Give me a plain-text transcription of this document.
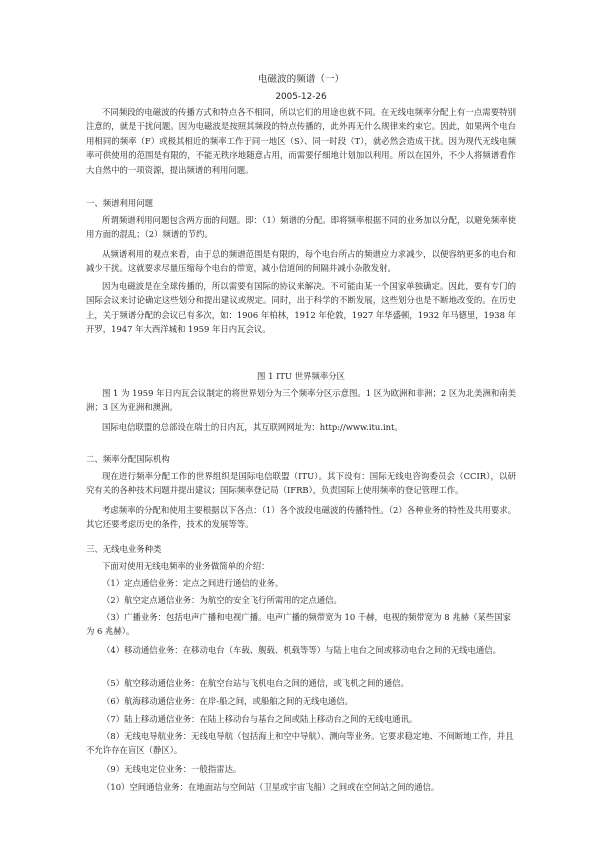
电磁波的频谱（一）

2005-12-26

不同频段的电磁波的传播方式和特点各不相同，所以它们的用途也就不同。在无线电频率分配上有一点需要特别注意的，就是干扰问题。因为电磁波是按照其频段的特点传播的，此外再无什么规律来约束它。因此，如果两个电台用相同的频率（F）或极其相近的频率工作于同一地区（S）、同一时段（T），就必然会造成干扰。因为现代无线电频率可供使用的范围是有限的，不能无秩序地随意占用，而需要仔细地计划加以利用。所以在国外，不少人将频谱看作大自然中的一项资源，提出频谱的利用问题。

一、频谱利用问题

所谓频谱利用问题包含两方面的问题。即：（1）频谱的分配。即将频率根据不同的业务加以分配，以避免频率使用方面的混乱；（2）频谱的节约。

从频谱利用的观点来看，由于总的频谱范围是有限的，每个电台所占的频谱应力求减少，以便容纳更多的电台和减少干扰。这就要求尽量压缩每个电台的带宽，减小信道间的间隔并减小杂散发射。

因为电磁波是在全球传播的，所以需要有国际的协议来解决。不可能由某一个国家单独确定。因此，要有专门的国际会议来讨论确定这些划分和提出建议或规定。同时，出于科学的不断发展，这些划分也是不断地改变的。在历史上，关于频谱分配的会议已有多次，如：1906 年柏林，1912 年伦敦，1927 年华盛顿，1932 年马德里，1938 年开罗，1947 年大西洋城和 1959 年日内瓦会议。

图 1 ITU 世界频率分区

图 1 为 1959 年日内瓦会议制定的将世界划分为三个频率分区示意图。1 区为欧洲和非洲；2 区为北美洲和南美洲；3 区为亚洲和澳洲。

国际电信联盟的总部设在瑞士的日内瓦，其互联网网址为：http://www.itu.int。

二、频率分配国际机构

现在进行频率分配工作的世界组织是国际电信联盟（ITU）。其下设有：国际无线电咨询委员会（CCIR），以研究有关的各种技术问题并提出建议；国际频率登记局（IFRB），负责国际上使用频率的登记管理工作。

考虑频率的分配和使用主要根据以下各点：（1）各个波段电磁波的传播特性。（2）各种业务的特性及共用要求。其它还要考虑历史的条件，技术的发展等等。

三、无线电业务种类

下面对使用无线电频率的业务做简单的介绍：

（1）定点通信业务：定点之间进行通信的业务。

（2）航空定点通信业务：为航空的安全飞行所需用的定点通信。

（3）广播业务：包括电声广播和电视广播。电声广播的频带宽为 10 千赫，电视的频带宽为 8 兆赫（某些国家为 6 兆赫）。

（4）移动通信业务：在移动电台（车载、舰载、机载等等）与陆上电台之间或移动电台之间的无线电通信。

（5）航空移动通信业务：在航空台站与飞机电台之间的通信，或飞机之间的通信。

（6）航海移动通信业务：在岸-船之间，或船舶之间的无线电通信。

（7）陆上移动通信业务：在陆上移动台与基台之间或陆上移动台之间的无线电通讯。

（8）无线电导航业务：无线电导航（包括海上和空中导航）、测向等业务。它要求稳定地、不间断地工作，并且不允许存在盲区（静区）。

（9）无线电定位业务：一般指雷达。

（10）空间通信业务：在地面站与空间站（卫星或宇宙飞船）之间或在空间站之间的通信。
